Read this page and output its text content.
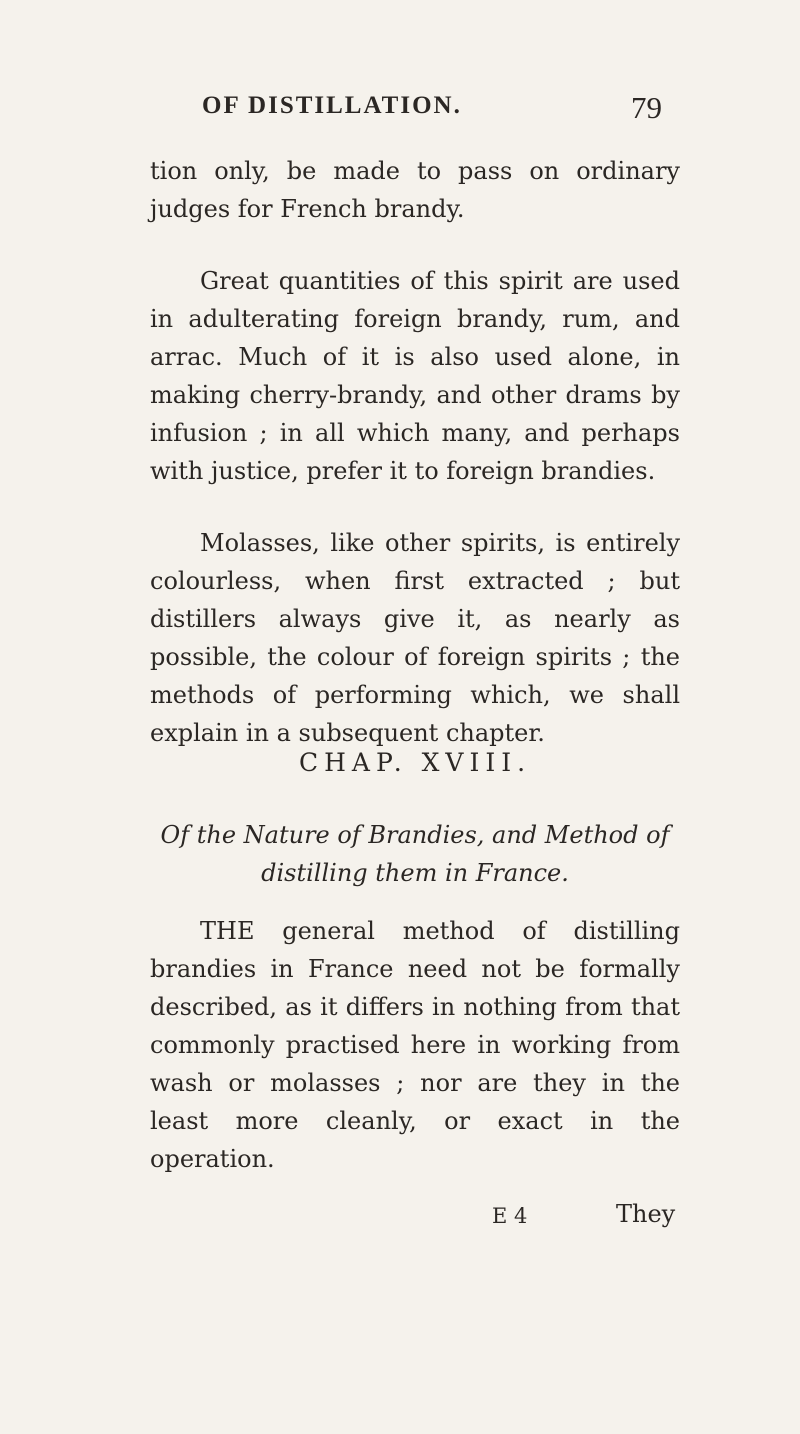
OF DISTILLATION.	79

tion only, be made to pass on ordinary judges for French brandy.

Great quantities of this spirit are used in adulterating foreign brandy, rum, and arrac. Much of it is also used alone, in making cherry-brandy, and other drams by infusion ; in all which many, and perhaps with justice, prefer it to foreign brandies.

Molasses, like other spirits, is entirely colourless, when first extracted ; but distillers always give it, as nearly as possible, the colour of foreign spirits ; the methods of performing which, we shall explain in a subsequent chapter.

CHAP. XVIII.
Of the Nature of Brandies, and Method of distilling them in France.

THE general method of distilling brandies in France need not be formally described, as it differs in nothing from that commonly practised here in working from wash or molasses ; nor are they in the least more cleanly, or exact in the operation.

E 4	They
